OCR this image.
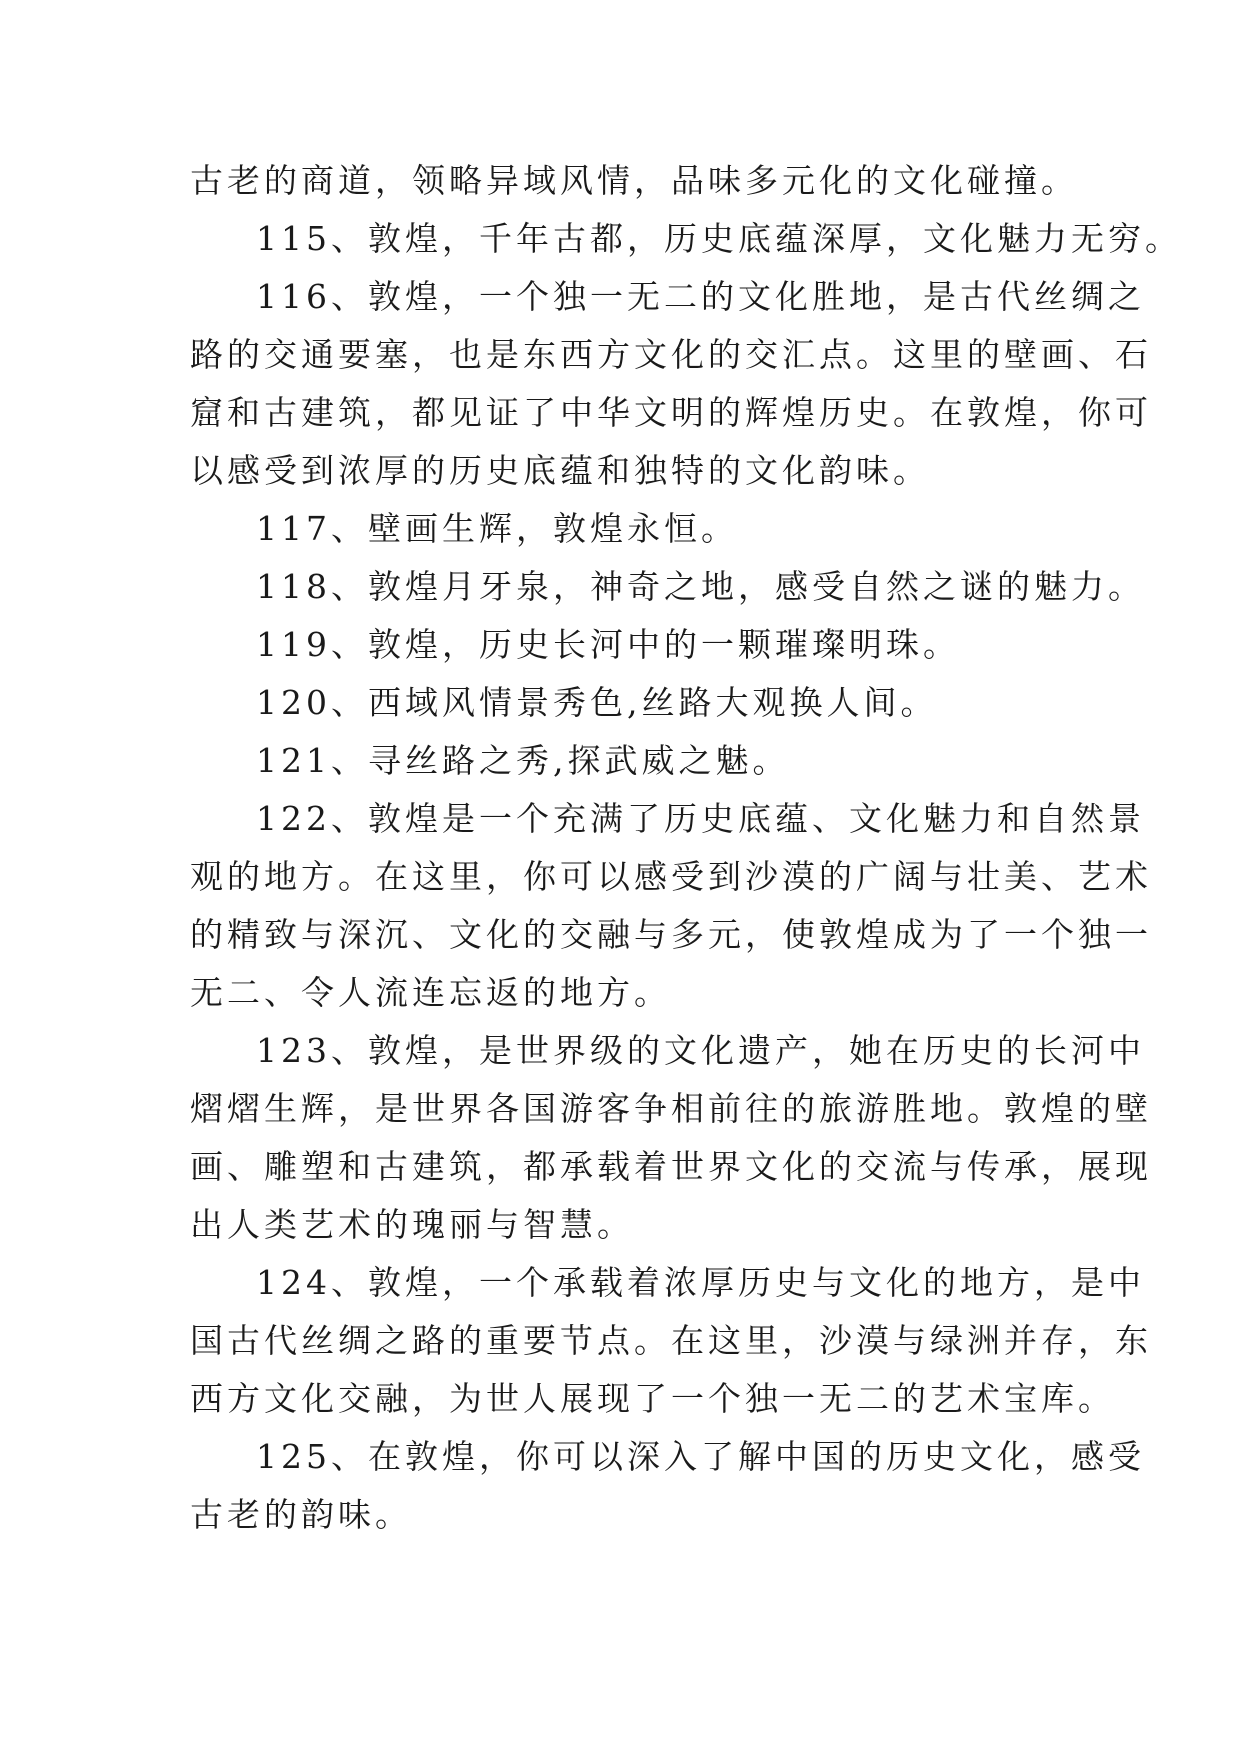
古老的商道，领略异域风情，品味多元化的文化碰撞。
115、敦煌，千年古都，历史底蕴深厚，文化魅力无穷。
116、敦煌，一个独一无二的文化胜地，是古代丝绸之
路的交通要塞，也是东西方文化的交汇点。这里的壁画、石
窟和古建筑，都见证了中华文明的辉煌历史。在敦煌，你可
以感受到浓厚的历史底蕴和独特的文化韵味。
117、壁画生辉，敦煌永恒。
118、敦煌月牙泉，神奇之地，感受自然之谜的魅力。
119、敦煌，历史长河中的一颗璀璨明珠。
120、西域风情景秀色,丝路大观换人间。
121、寻丝路之秀,探武威之魅。
122、敦煌是一个充满了历史底蕴、文化魅力和自然景
观的地方。在这里，你可以感受到沙漠的广阔与壮美、艺术
的精致与深沉、文化的交融与多元，使敦煌成为了一个独一
无二、令人流连忘返的地方。
123、敦煌，是世界级的文化遗产，她在历史的长河中
熠熠生辉，是世界各国游客争相前往的旅游胜地。敦煌的壁
画、雕塑和古建筑，都承载着世界文化的交流与传承，展现
出人类艺术的瑰丽与智慧。
124、敦煌，一个承载着浓厚历史与文化的地方，是中
国古代丝绸之路的重要节点。在这里，沙漠与绿洲并存，东
西方文化交融，为世人展现了一个独一无二的艺术宝库。
125、在敦煌，你可以深入了解中国的历史文化，感受
古老的韵味。
